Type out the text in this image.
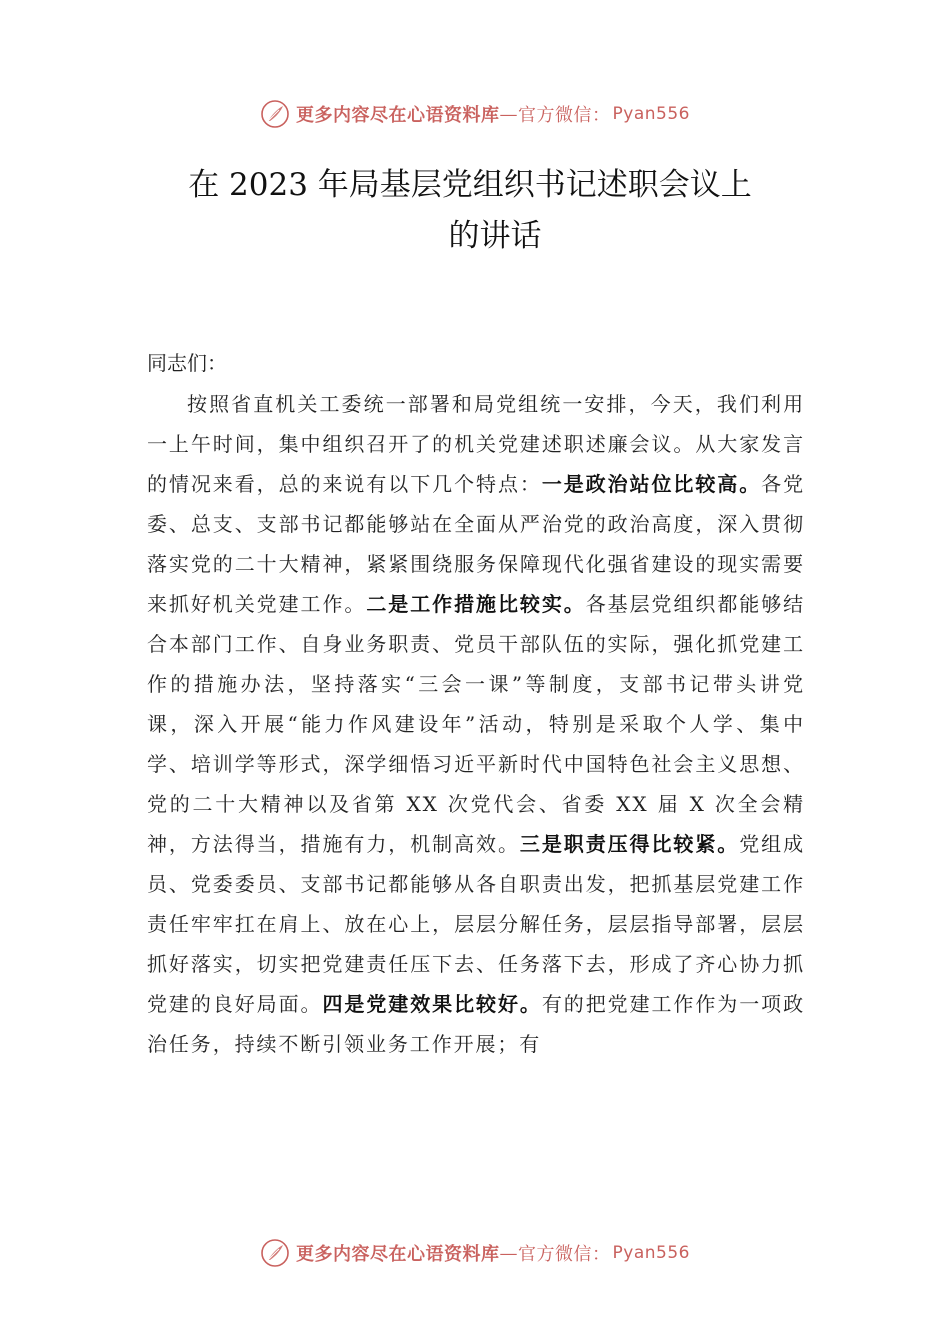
更多内容尽在心语资料库 — 官方微信： Pyan556
在 2023 年局基层党组织书记述职会议上
的讲话
同志们：

按照省直机关工委统一部署和局党组统一安排，今天，我们利用一上午时间，集中组织召开了的机关党建述职述廉会议。从大家发言的情况来看，总的来说有以下几个特点：一是政治站位比较高。各党委、总支、支部书记都能够站在全面从严治党的政治高度，深入贯彻落实党的二十大精神，紧紧围绕服务保障现代化强省建设的现实需要来抓好机关党建工作。二是工作措施比较实。各基层党组织都能够结合本部门工作、自身业务职责、党员干部队伍的实际，强化抓党建工作的措施办法，坚持落实“三会一课”等制度，支部书记带头讲党课，深入开展“能力作风建设年”活动，特别是采取个人学、集中学、培训学等形式，深学细悟习近平新时代中国特色社会主义思想、党的二十大精神以及省第 XX 次党代会、省委 XX 届 X 次全会精神，方法得当，措施有力，机制高效。三是职责压得比较紧。党组成员、党委委员、支部书记都能够从各自职责出发，把抓基层党建工作责任牢牢扛在肩上、放在心上，层层分解任务，层层指导部署，层层抓好落实，切实把党建责任压下去、任务落下去，形成了齐心协力抓党建的良好局面。四是党建效果比较好。有的把党建工作作为一项政治任务，持续不断引领业务工作开展；有

更多内容尽在心语资料库 — 官方微信： Pyan556
